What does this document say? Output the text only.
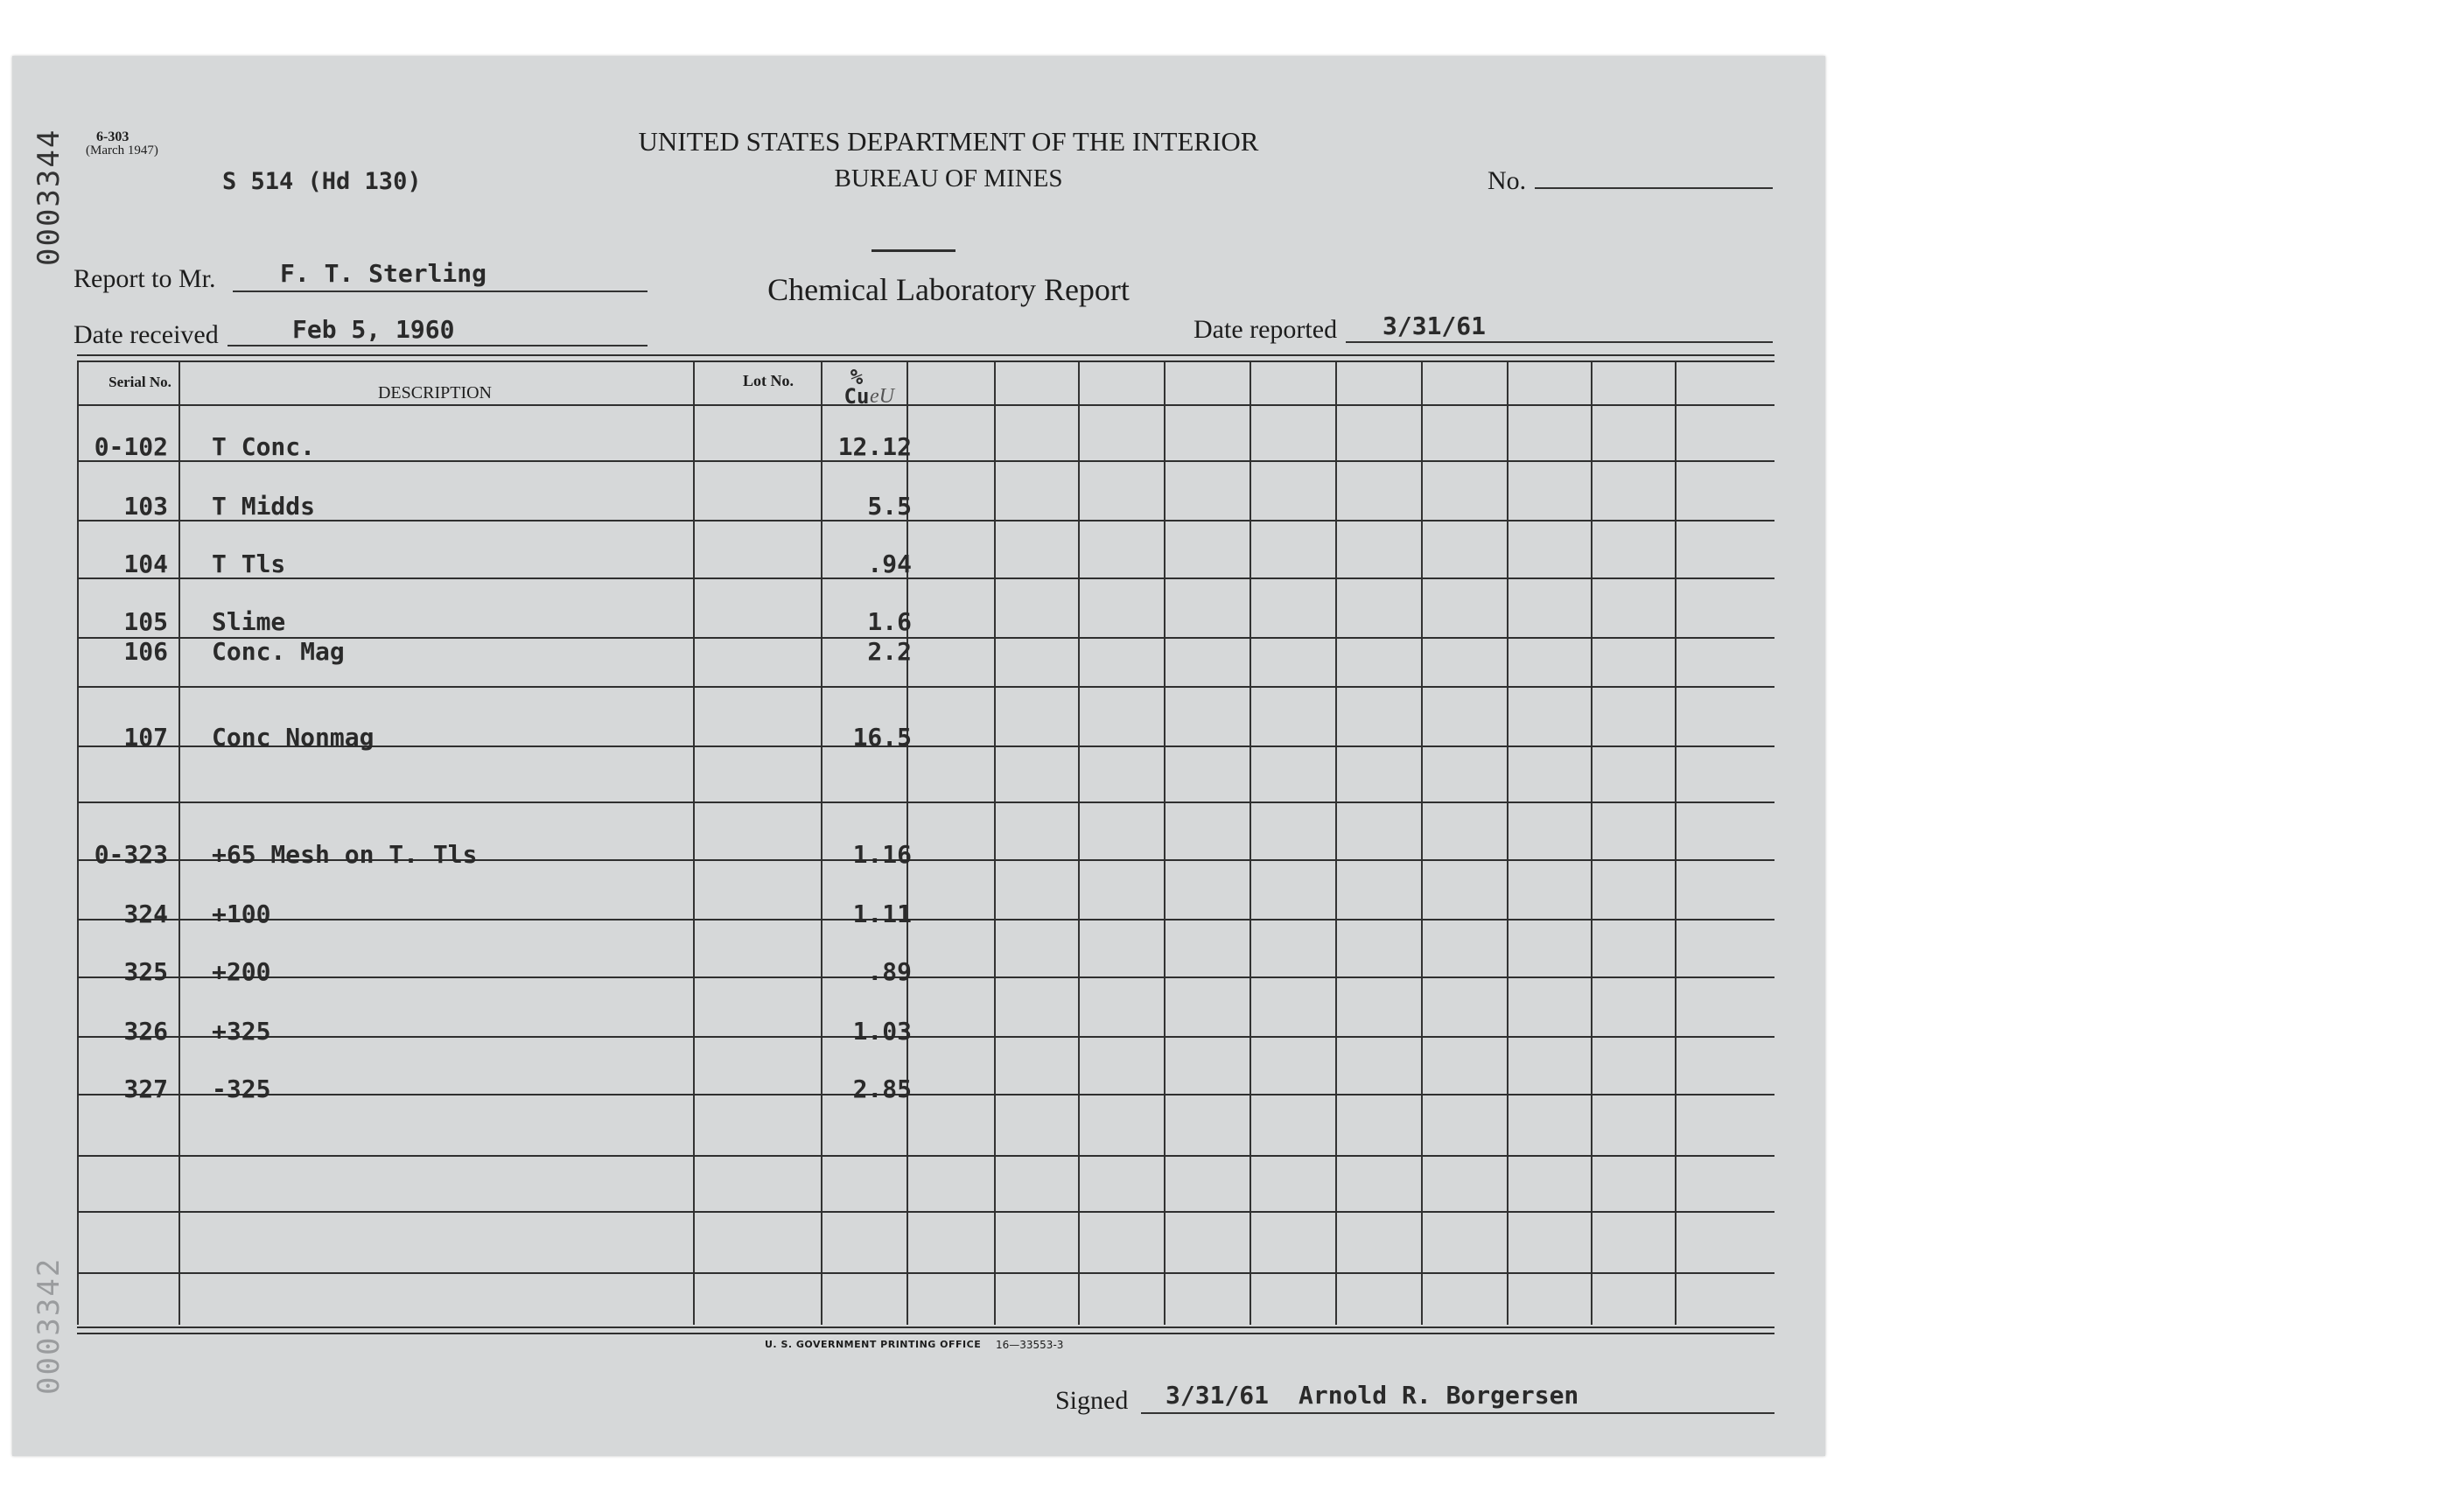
0003344
0003342
6-303
(March 1947)
S 514 (Hd 130)
UNITED STATES DEPARTMENT OF THE INTERIOR
BUREAU OF MINES
Chemical Laboratory Report
No.
Report to Mr.	F. T. Sterling
Date received	Feb 5, 1960	Date reported 3/31/61
Serial No.
DESCRIPTION
Lot No.	% Cu eU
0-102 T Conc.	12.12
103 T Midds	5.5
104 T Tls	.94
105 Slime	1.6
106 Conc. Mag	2.2
107 Conc Nonmag	16.5
0-323 +65 Mesh on T. Tls	1.16
324 +100	1.11
325 +200	.89
326 +325	1.03
327 -325	2.85
U. S. GOVERNMENT PRINTING OFFICE 16—33553-3
Signed 3/31/61 Arnold R. Borgersen
